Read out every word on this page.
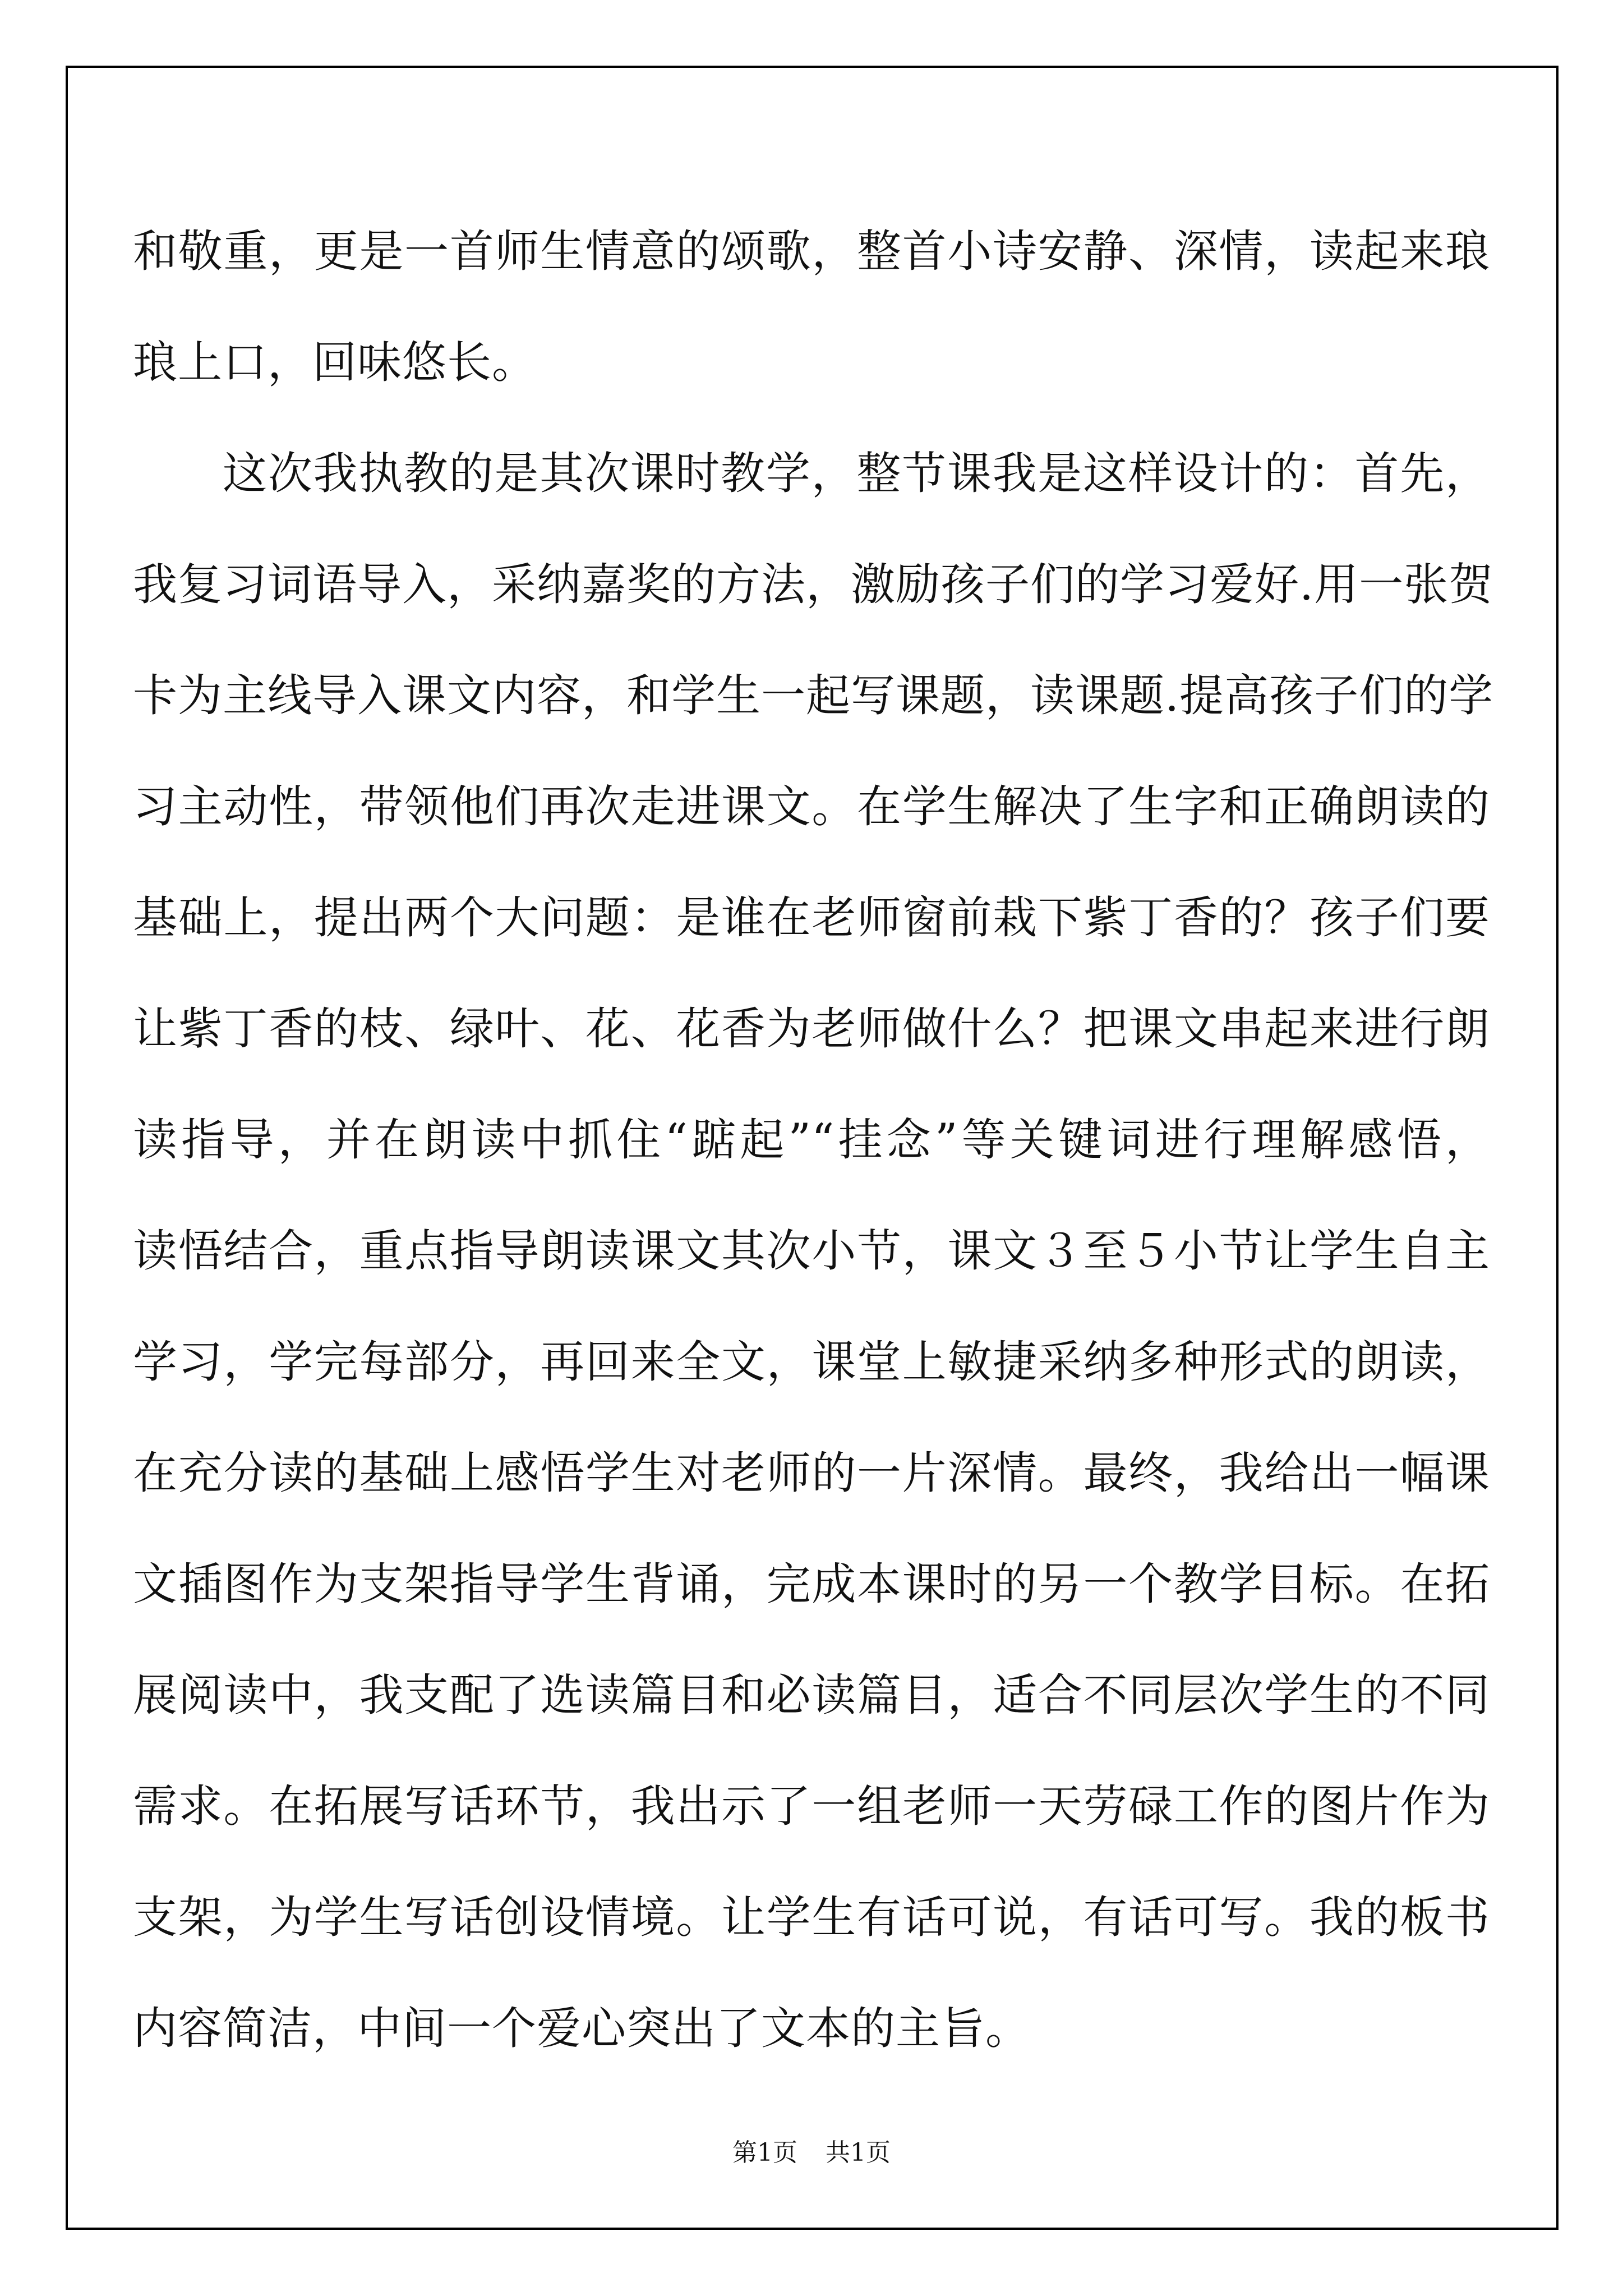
和敬重，更是一首师生情意的颂歌，整首小诗安静、深情，读起来琅
琅上口，回味悠长。
这次我执教的是其次课时教学，整节课我是这样设计的：首先，
我复习词语导入，采纳嘉奖的方法，激励孩子们的学习爱好.用一张贺
卡为主线导入课文内容，和学生一起写课题，读课题.提高孩子们的学
习主动性，带领他们再次走进课文。在学生解决了生字和正确朗读的
基础上，提出两个大问题：是谁在老师窗前栽下紫丁香的？孩子们要
让紫丁香的枝、绿叶、花、花香为老师做什么？把课文串起来进行朗
读指导，并在朗读中抓住“踮起”“挂念”等关键词进行理解感悟，
读悟结合，重点指导朗读课文其次小节，课文３至５小节让学生自主
学习，学完每部分，再回来全文，课堂上敏捷采纳多种形式的朗读，
在充分读的基础上感悟学生对老师的一片深情。最终，我给出一幅课
文插图作为支架指导学生背诵，完成本课时的另一个教学目标。在拓
展阅读中，我支配了选读篇目和必读篇目，适合不同层次学生的不同
需求。在拓展写话环节，我出示了一组老师一天劳碌工作的图片作为
支架，为学生写话创设情境。让学生有话可说，有话可写。我的板书
内容简洁，中间一个爱心突出了文本的主旨。
第1页 共1页
